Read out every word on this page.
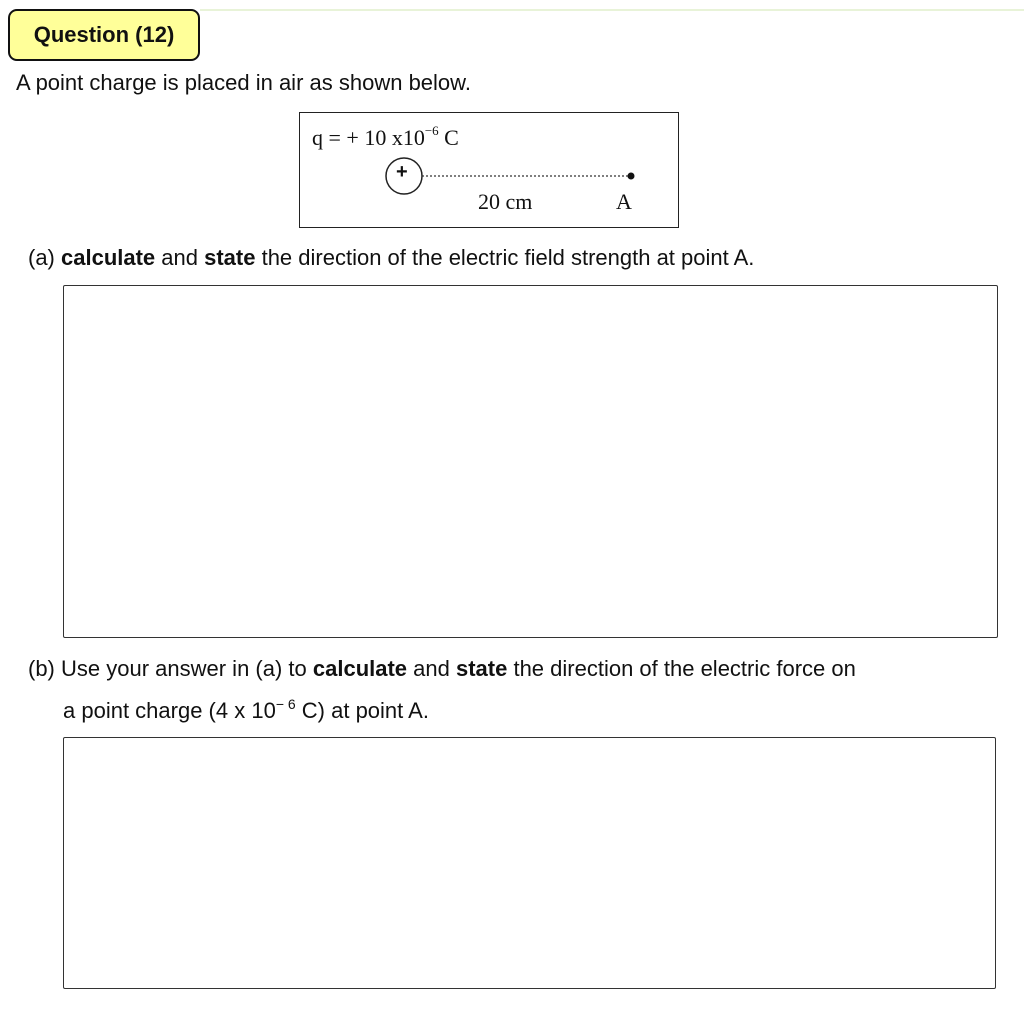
Question (12)
A point charge is placed in air as shown below.
q = + 10 $x10^{-6}$ C
+
20 cm	A
(a) calculate and state the direction of the electric field strength at point A.
(b) Use your answer in (a) to calculate and state the direction of the electric force on
a point charge (4 x $10^{- 6}$ C) at point A.
